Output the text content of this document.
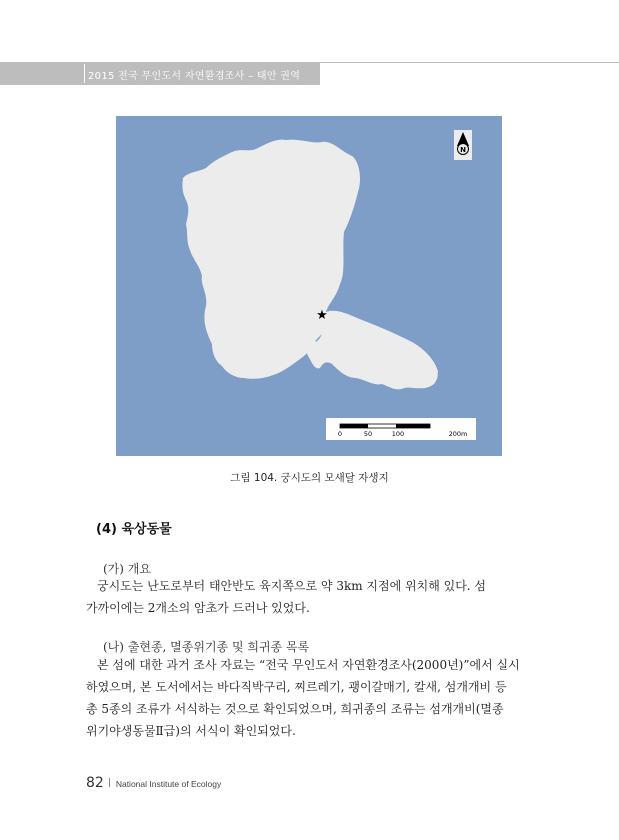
2015 전국 무인도서 자연환경조사 – 태안 권역
★
N
0	50	100	200m
그림 104. 궁시도의 모새달 자생지
(4) 육상동물
(가) 개요

궁시도는 난도로부터 태안반도 육지쪽으로 약 3km 지점에 위치해 있다. 섬

가까이에는 2개소의 암초가 드러나 있었다.

(나) 출현종, 멸종위기종 및 희귀종 목록

본 섬에 대한 과거 조사 자료는 “전국 무인도서 자연환경조사(2000년)”에서 실시

하였으며, 본 도서에서는 바다직박구리, 찌르레기, 괭이갈매기, 칼새, 섬개개비 등

총 5종의 조류가 서식하는 것으로 확인되었으며, 희귀종의 조류는 섬개개비(멸종

위기야생동물Ⅱ급)의 서식이 확인되었다.

82 National Institute of Ecology
